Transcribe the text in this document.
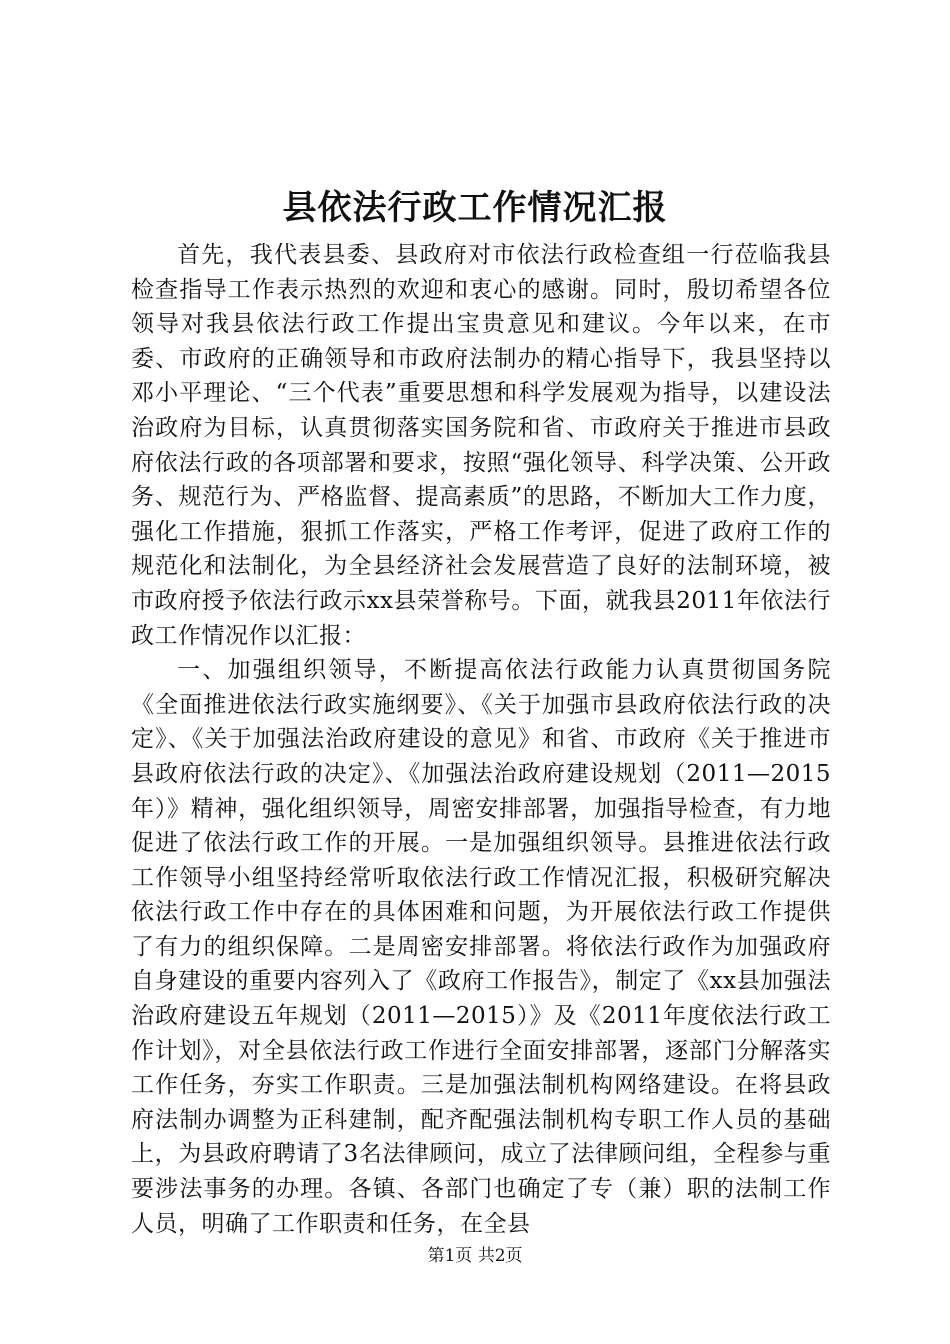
县依法行政工作情况汇报

首先，我代表县委、县政府对市依法行政检查组一行莅临我县检查指导工作表示热烈的欢迎和衷心的感谢。同时，殷切希望各位领导对我县依法行政工作提出宝贵意见和建议。今年以来，在市委、市政府的正确领导和市政府法制办的精心指导下，我县坚持以邓小平理论、“三个代表”重要思想和科学发展观为指导，以建设法治政府为目标，认真贯彻落实国务院和省、市政府关于推进市县政府依法行政的各项部署和要求，按照“强化领导、科学决策、公开政务、规范行为、严格监督、提高素质”的思路，不断加大工作力度，强化工作措施，狠抓工作落实，严格工作考评，促进了政府工作的规范化和法制化，为全县经济社会发展营造了良好的法制环境，被市政府授予依法行政示xx县荣誉称号。下面，就我县2011年依法行政工作情况作以汇报：

一、加强组织领导，不断提高依法行政能力认真贯彻国务院《全面推进依法行政实施纲要》、《关于加强市县政府依法行政的决定》、《关于加强法治政府建设的意见》和省、市政府《关于推进市县政府依法行政的决定》、《加强法治政府建设规划（2011—2015年）》精神，强化组织领导，周密安排部署，加强指导检查，有力地促进了依法行政工作的开展。一是加强组织领导。县推进依法行政工作领导小组坚持经常听取依法行政工作情况汇报，积极研究解决依法行政工作中存在的具体困难和问题，为开展依法行政工作提供了有力的组织保障。二是周密安排部署。将依法行政作为加强政府自身建设的重要内容列入了《政府工作报告》，制定了《xx县加强法治政府建设五年规划（2011—2015）》及《2011年度依法行政工作计划》，对全县依法行政工作进行全面安排部署，逐部门分解落实工作任务，夯实工作职责。三是加强法制机构网络建设。在将县政府法制办调整为正科建制，配齐配强法制机构专职工作人员的基础上，为县政府聘请了3名法律顾问，成立了法律顾问组，全程参与重要涉法事务的办理。各镇、各部门也确定了专（兼）职的法制工作人员，明确了工作职责和任务，在全县

第1页 共2页
